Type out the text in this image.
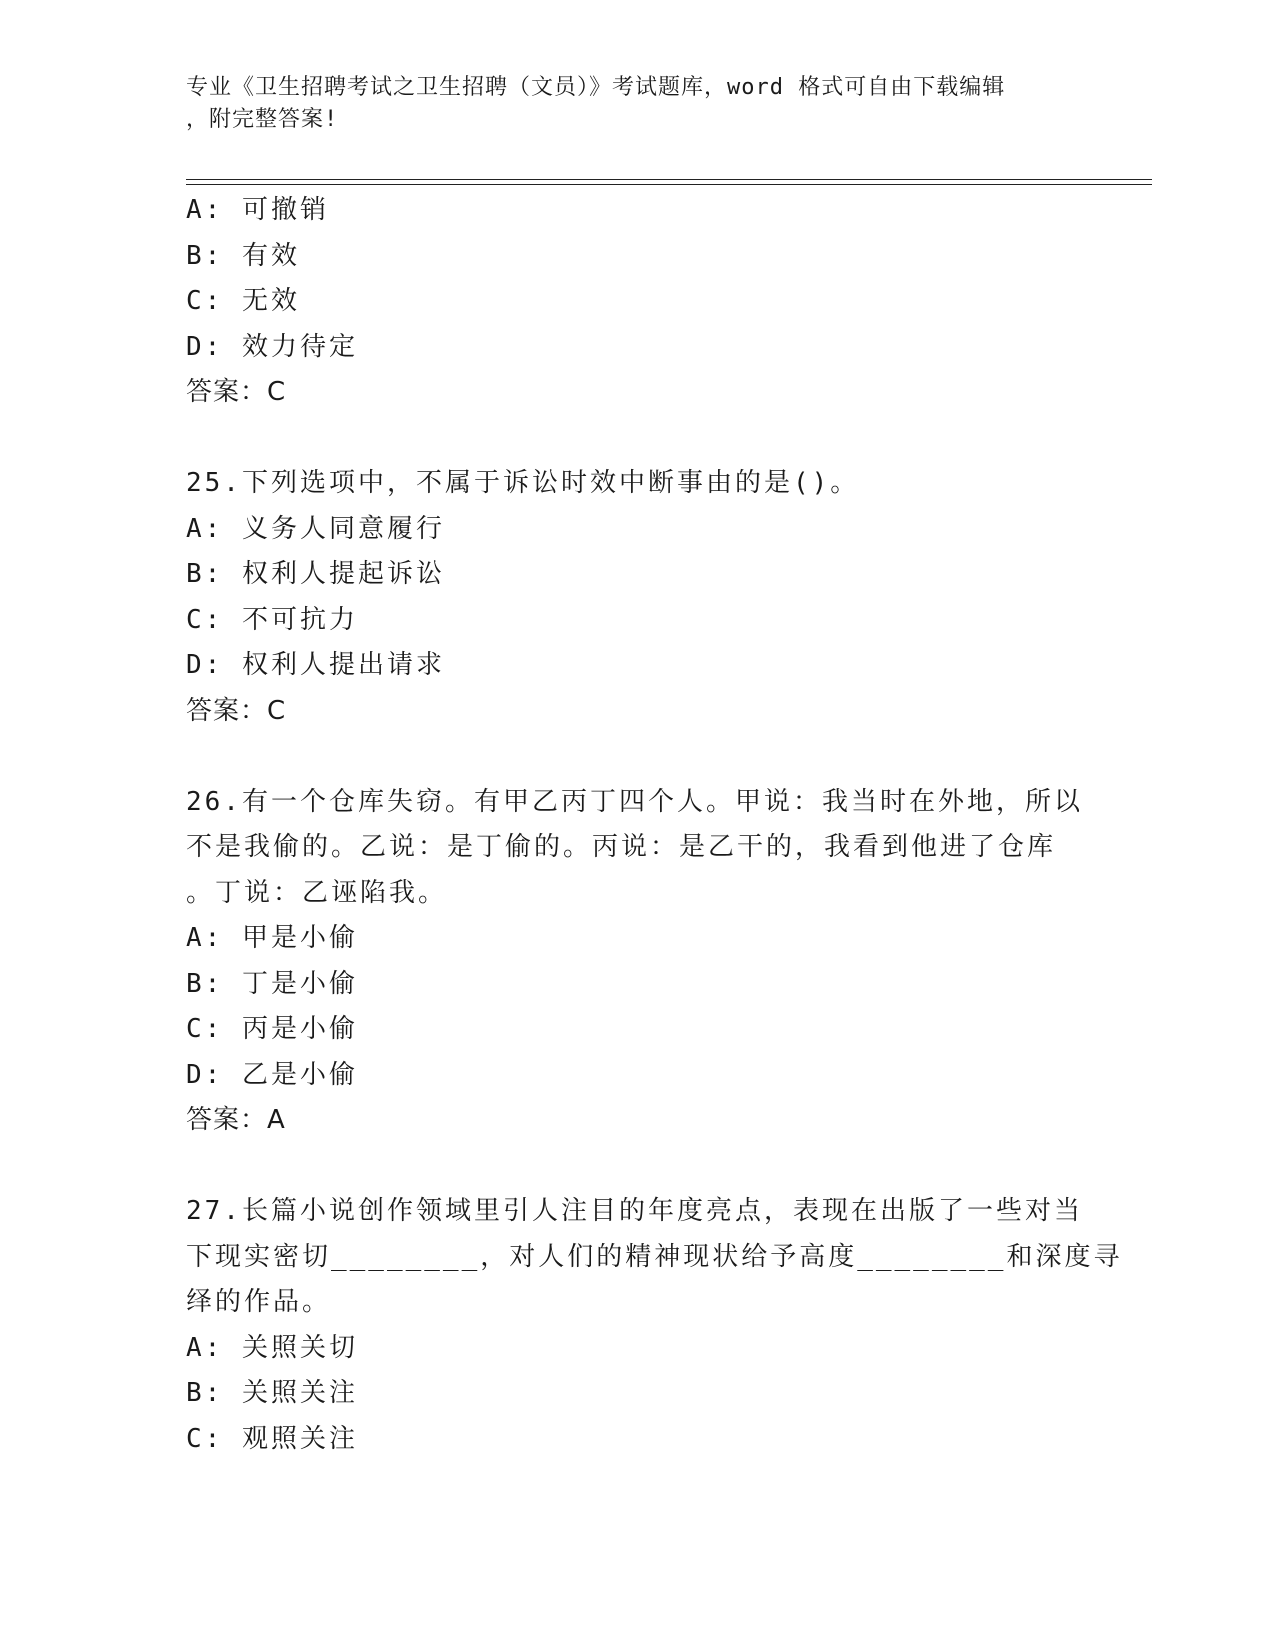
专业《卫生招聘考试之卫生招聘（文员）》考试题库，word 格式可自由下载编辑
，附完整答案!
A: 可撤销
B: 有效
C: 无效
D: 效力待定
答案：C
25.下列选项中，不属于诉讼时效中断事由的是()。
A: 义务人同意履行
B: 权利人提起诉讼
C: 不可抗力
D: 权利人提出请求
答案：C
26.有一个仓库失窃。有甲乙丙丁四个人。甲说：我当时在外地，所以
不是我偷的。乙说：是丁偷的。丙说：是乙干的，我看到他进了仓库
。丁说：乙诬陷我。
A: 甲是小偷
B: 丁是小偷
C: 丙是小偷
D: 乙是小偷
答案：A
27.长篇小说创作领域里引人注目的年度亮点，表现在出版了一些对当
下现实密切________，对人们的精神现状给予高度________和深度寻
绎的作品。
A: 关照关切
B: 关照关注
C: 观照关注
